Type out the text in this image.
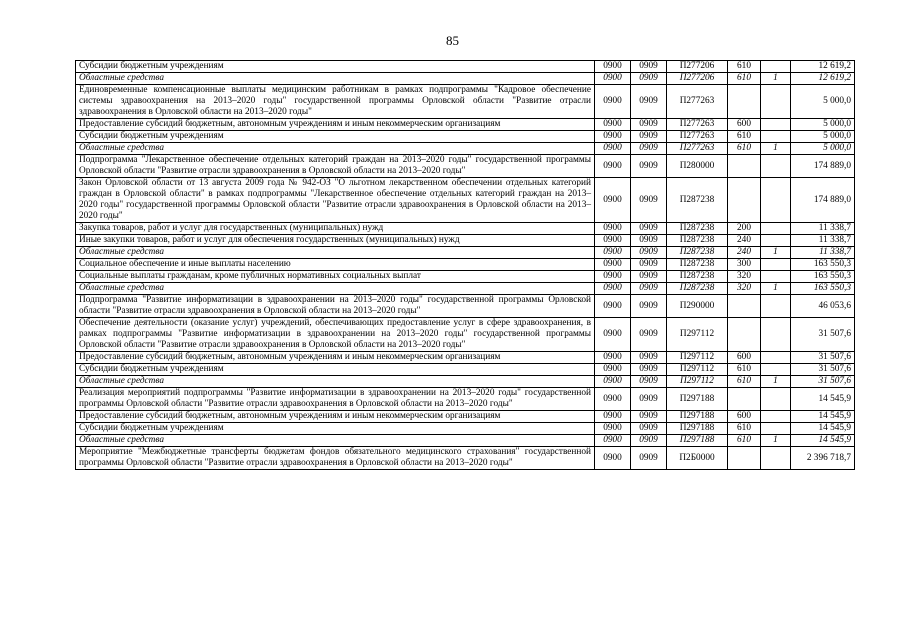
85
Субсидии бюджетным учреждениям	0900	0909	П277206	610		12 619,2
Областные средства	0900	0909	П277206	610	1	12 619,2
Единовременные компенсационные выплаты медицинским работникам в рамках подпрограммы "Кадровое обеспечение системы здравоохранения на 2013–2020 годы" государственной программы Орловской области "Развитие отрасли здравоохранения в Орловской области на 2013–2020 годы"	0900	0909	П277263			5 000,0
Предоставление субсидий бюджетным, автономным учреждениям и иным некоммерческим организациям	0900	0909	П277263	600		5 000,0
Субсидии бюджетным учреждениям	0900	0909	П277263	610		5 000,0
Областные средства	0900	0909	П277263	610	1	5 000,0
Подпрограмма "Лекарственное обеспечение отдельных категорий граждан на 2013–2020 годы" государственной программы Орловской области "Развитие отрасли здравоохранения в Орловской области на 2013–2020 годы"	0900	0909	П280000			174 889,0
Закон Орловской области от 13 августа 2009 года № 942-ОЗ "О льготном лекарственном обеспечении отдельных категорий граждан в Орловской области" в рамках подпрограммы "Лекарственное обеспечение отдельных категорий граждан на 2013–2020 годы" государственной программы Орловской области "Развитие отрасли здравоохранения в Орловской области на 2013–2020 годы"	0900	0909	П287238			174 889,0
Закупка товаров, работ и услуг для государственных (муниципальных) нужд	0900	0909	П287238	200		11 338,7
Иные закупки товаров, работ и услуг для обеспечения государственных (муниципальных) нужд	0900	0909	П287238	240		11 338,7
Областные средства	0900	0909	П287238	240	1	11 338,7
Социальное обеспечение и иные выплаты населению	0900	0909	П287238	300		163 550,3
Социальные выплаты гражданам, кроме публичных нормативных социальных выплат	0900	0909	П287238	320		163 550,3
Областные средства	0900	0909	П287238	320	1	163 550,3
Подпрограмма "Развитие информатизации в здравоохранении на 2013–2020 годы" государственной программы Орловской области "Развитие отрасли здравоохранения в Орловской области на 2013–2020 годы"	0900	0909	П290000			46 053,6
Обеспечение деятельности (оказание услуг) учреждений, обеспечивающих предоставление услуг в сфере здравоохранения, в рамках подпрограммы "Развитие информатизации в здравоохранении на 2013–2020 годы" государственной программы Орловской области "Развитие отрасли здравоохранения в Орловской области на 2013–2020 годы"	0900	0909	П297112			31 507,6
Предоставление субсидий бюджетным, автономным учреждениям и иным некоммерческим организациям	0900	0909	П297112	600		31 507,6
Субсидии бюджетным учреждениям	0900	0909	П297112	610		31 507,6
Областные средства	0900	0909	П297112	610	1	31 507,6
Реализация мероприятий подпрограммы "Развитие информатизации в здравоохранении на 2013–2020 годы" государственной программы Орловской области "Развитие отрасли здравоохранения в Орловской области на 2013–2020 годы"	0900	0909	П297188			14 545,9
Предоставление субсидий бюджетным, автономным учреждениям и иным некоммерческим организациям	0900	0909	П297188	600		14 545,9
Субсидии бюджетным учреждениям	0900	0909	П297188	610		14 545,9
Областные средства	0900	0909	П297188	610	1	14 545,9
Мероприятие "Межбюджетные трансферты бюджетам фондов обязательного медицинского страхования" государственной программы Орловской области "Развитие отрасли здравоохранения в Орловской области на 2013–2020 годы"	0900	0909	П2Б0000			2 396 718,7
